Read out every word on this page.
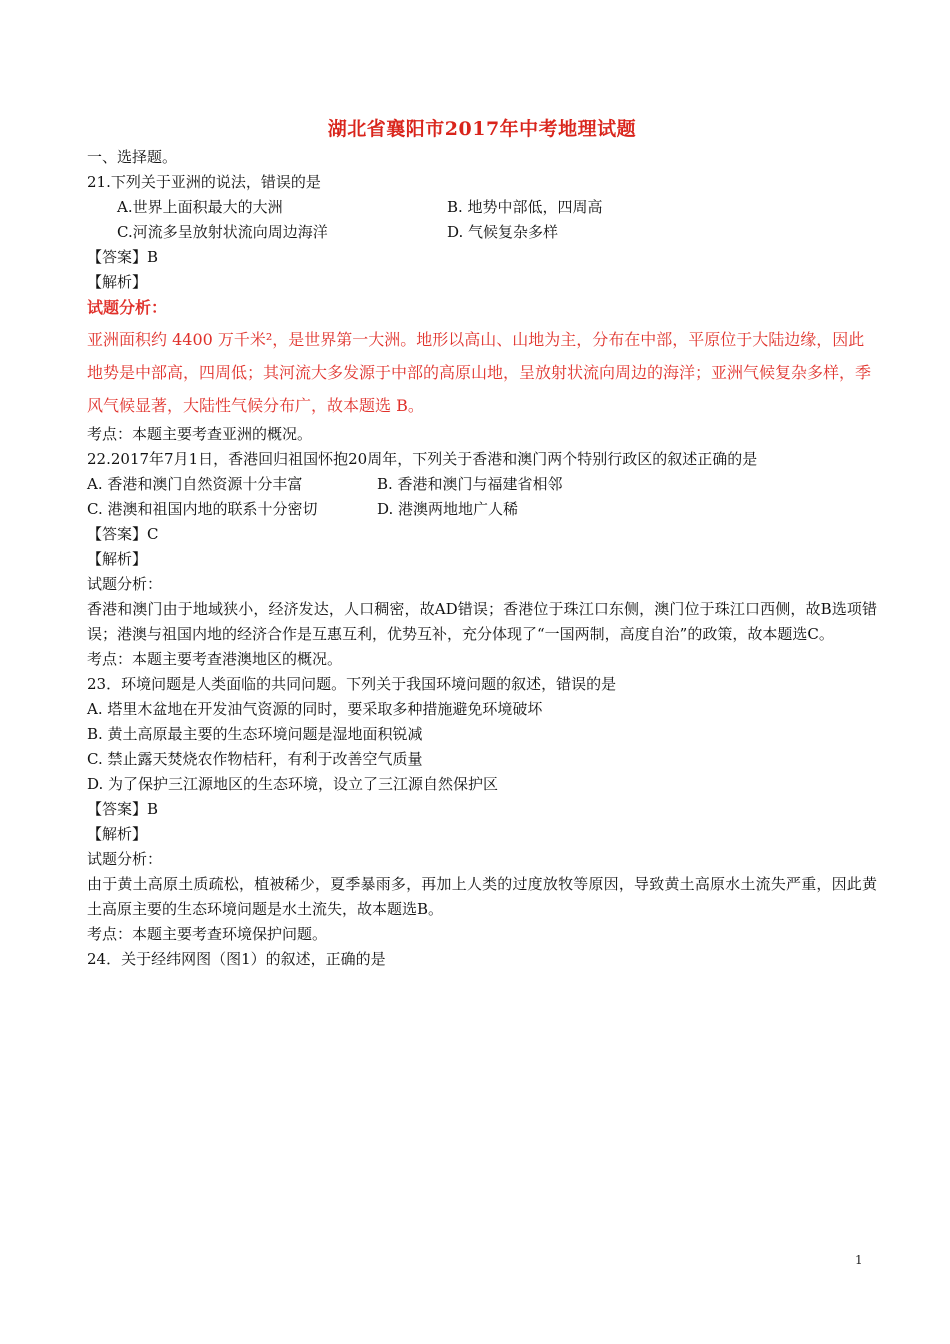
湖北省襄阳市2017年中考地理试题
一、选择题。
21.下列关于亚洲的说法，错误的是
A.世界上面积最大的大洲	B. 地势中部低，四周高
C.河流多呈放射状流向周边海洋	D. 气候复杂多样
【答案】B
【解析】
试题分析：
亚洲面积约 4400 万千米²，是世界第一大洲。地形以高山、山地为主，分布在中部，平原位于大陆边缘，因此地势是中部高，四周低；其河流大多发源于中部的高原山地，呈放射状流向周边的海洋；亚洲气候复杂多样，季风气候显著，大陆性气候分布广，故本题选 B。
考点：本题主要考查亚洲的概况。
22.2017年7月1日，香港回归祖国怀抱20周年，下列关于香港和澳门两个特别行政区的叙述正确的是
A. 香港和澳门自然资源十分丰富	B. 香港和澳门与福建省相邻
C. 港澳和祖国内地的联系十分密切	D. 港澳两地地广人稀
【答案】C
【解析】
试题分析：
香港和澳门由于地域狭小，经济发达，人口稠密，故AD错误；香港位于珠江口东侧，澳门位于珠江口西侧，故B选项错误；港澳与祖国内地的经济合作是互惠互利，优势互补，充分体现了“一国两制，高度自治”的政策，故本题选C。
考点：本题主要考查港澳地区的概况。
23．环境问题是人类面临的共同问题。下列关于我国环境问题的叙述，错误的是
A. 塔里木盆地在开发油气资源的同时，要采取多种措施避免环境破坏
B. 黄土高原最主要的生态环境问题是湿地面积锐减
C. 禁止露天焚烧农作物桔秆，有利于改善空气质量
D. 为了保护三江源地区的生态环境，设立了三江源自然保护区
【答案】B
【解析】
试题分析：
由于黄土高原土质疏松，植被稀少，夏季暴雨多，再加上人类的过度放牧等原因，导致黄土高原水土流失严重，因此黄土高原主要的生态环境问题是水土流失，故本题选B。
考点：本题主要考查环境保护问题。
24．关于经纬网图（图1）的叙述，正确的是
1
